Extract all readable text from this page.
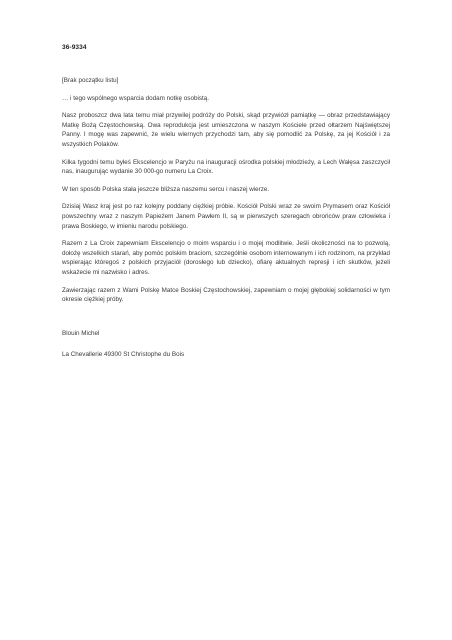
36-9334

[Brak początku listu]

… i tego wspólnego wsparcia dodam notkę osobistą.

Nasz proboszcz dwa lata temu miał przywilej podróży do Polski, skąd przywiózł pamiątkę — obraz przedstawiający Matkę Bożą Częstochowską. Owa reprodukcja jest umieszczona w naszym Kościele przed ołtarzem Najświętszej Panny. I mogę was zapewnić, że wielu wiernych przychodzi tam, aby się pomodlić za Polskę, za jej Kościół i za wszystkich Polaków.

Kilka tygodni temu byłeś Ekscelencjo w Paryżu na inauguracji ośrodka polskiej młodzieży, a Lech Wałęsa zaszczycił nas, inaugurując wydanie 30 000-go numeru La Croix.

W ten sposób Polska stała jeszcze bliższa naszemu sercu i naszej wierze.

Dzisiaj Wasz kraj jest po raz kolejny poddany ciężkiej próbie. Kościół Polski wraz ze swoim Prymasem oraz Kościół powszechny wraz z naszym Papieżem Janem Pawłem II, są w pierwszych szeregach obrońców praw człowieka i prawa Boskiego, w imieniu narodu polskiego.

Razem z La Croix zapewniam Ekscelencjo o moim wsparciu i o mojej modlitwie. Jeśli okoliczności na to pozwolą, dołożę wszelkich starań, aby pomóc polskim braciom, szczególnie osobom internowanym i ich rodzinom, na przykład wspierając któregoś z polskich przyjaciół (dorosłego lub dziecko), ofiarę aktualnych represji i ich skutków, jeżeli wskażecie mi nazwisko i adres.

Zawierzając razem z Wami Polskę Matce Boskiej Częstochowskiej, zapewniam o mojej głębokiej solidarności w tym okresie ciężkiej próby.

Blouin Michel
La Chevallerie 49300 St Christophe du Bois
